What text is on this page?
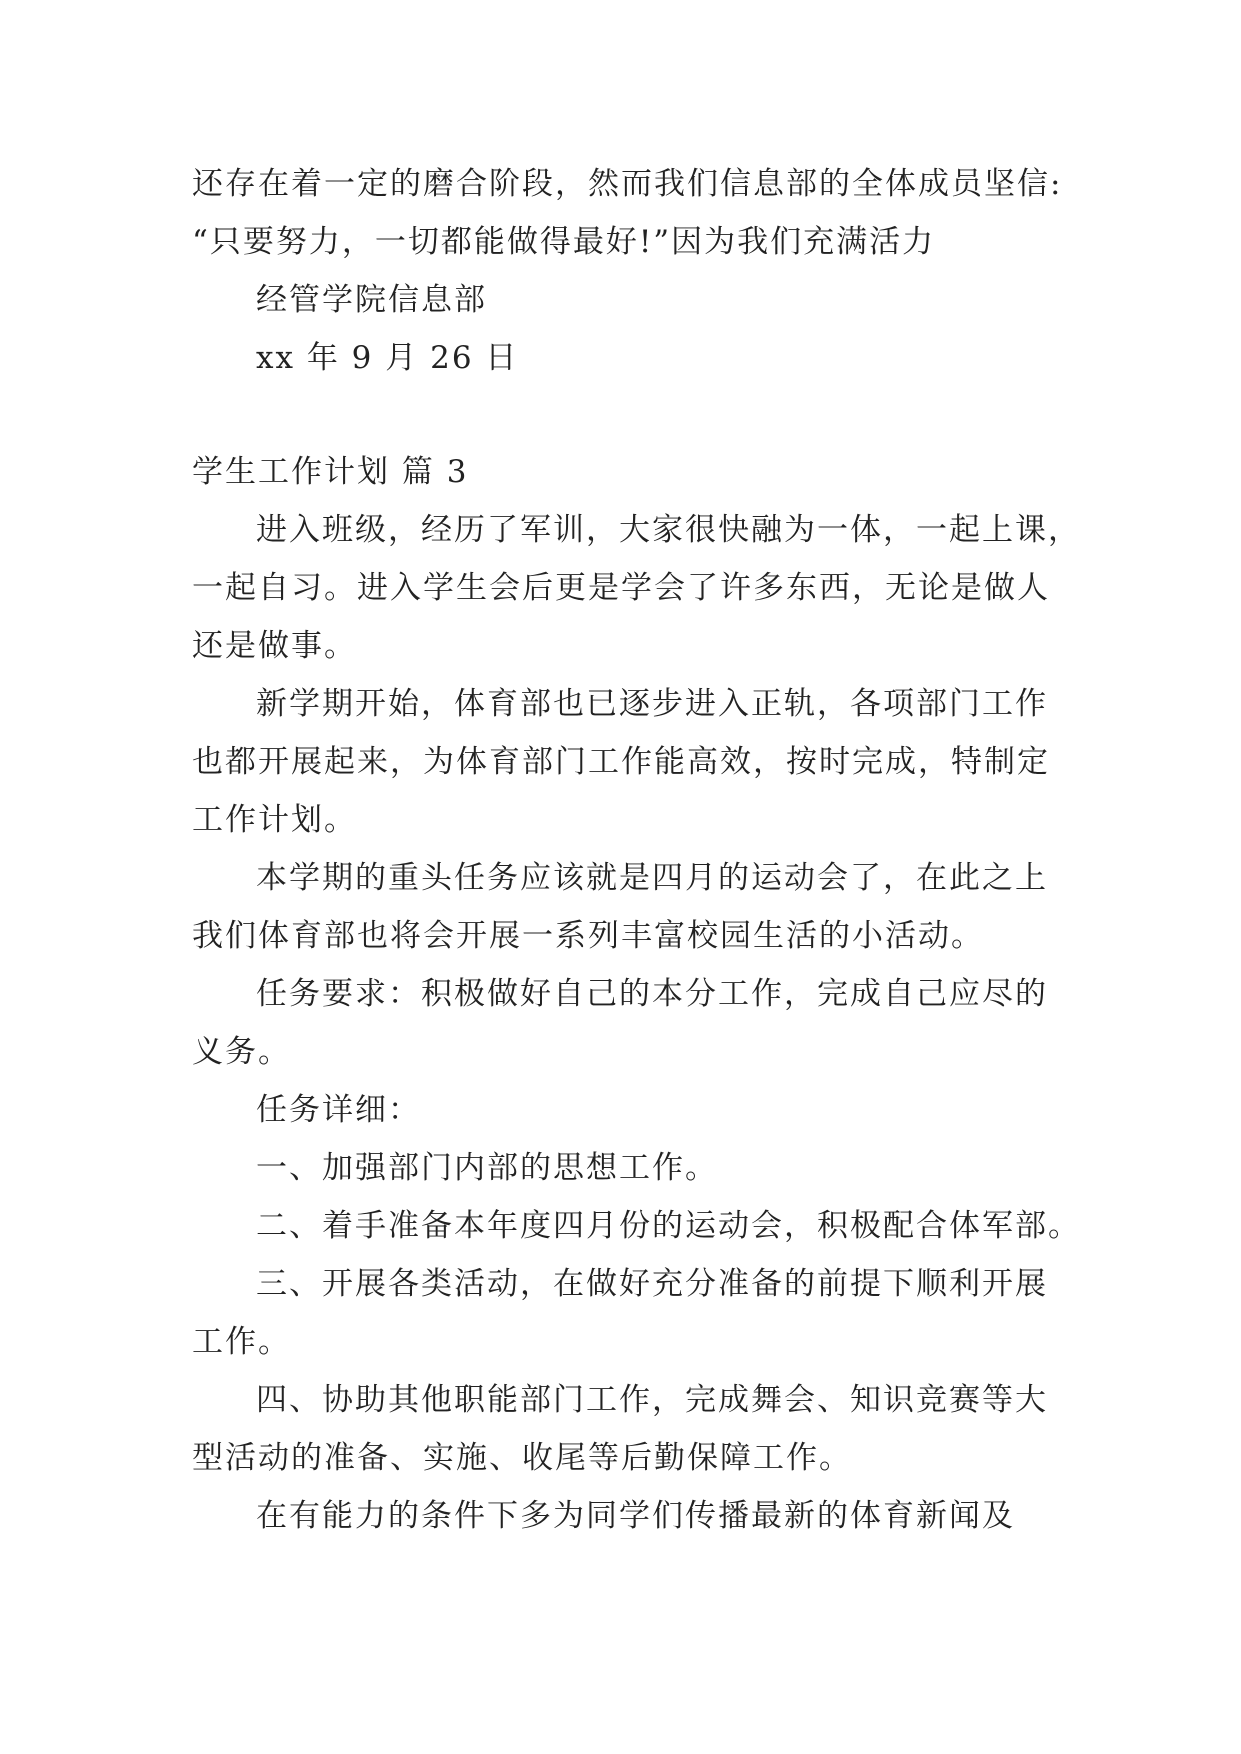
还存在着一定的磨合阶段，然而我们信息部的全体成员坚信:
“只要努力，一切都能做得最好!”因为我们充满活力
经管学院信息部
xx 年 9 月 26 日
学生工作计划 篇 3
进入班级，经历了军训，大家很快融为一体，一起上课，
一起自习。进入学生会后更是学会了许多东西，无论是做人
还是做事。
新学期开始，体育部也已逐步进入正轨，各项部门工作
也都开展起来，为体育部门工作能高效，按时完成，特制定
工作计划。
本学期的重头任务应该就是四月的运动会了，在此之上
我们体育部也将会开展一系列丰富校园生活的小活动。
任务要求：积极做好自己的本分工作，完成自己应尽的
义务。
任务详细：
一、加强部门内部的思想工作。
二、着手准备本年度四月份的运动会，积极配合体军部。
三、开展各类活动，在做好充分准备的前提下顺利开展
工作。
四、协助其他职能部门工作，完成舞会、知识竞赛等大
型活动的准备、实施、收尾等后勤保障工作。
在有能力的条件下多为同学们传播最新的体育新闻及
